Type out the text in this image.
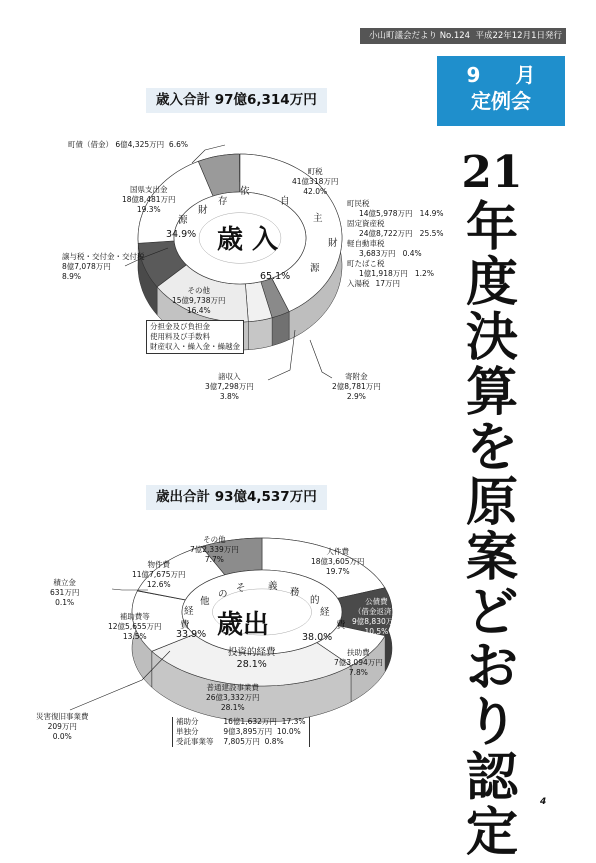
小山町議会だより No.124 平成22年12月1日発行
9 月
定例会
21
年
度
決
算
を
原
案
ど
お
り
認
定
歳入合計 97億6,314万円
歳 入
依
存
財
源
自
主
財
源
34.9%
65.1%
町債（借金） 6億4,325万円 6.6%
国県支出金
18億8,481万円
19.3%
譲与税・交付金・交付税
8億7,078万円
8.9%
その他
15億9,738万円
16.4%
分担金及び負担金
使用料及び手数料
財産収入・繰入金・繰越金
諸収入
3億7,298万円
3.8%
寄附金
2億8,781万円
2.9%
町税
41億318万円
42.0%
町民税
14億5,978万円   14.9%
固定資産税
24億8,722万円   25.5%
軽自動車税
3,683万円   0.4%
町たばこ税
1億1,918万円   1.2%
入湯税 17万円
歳出合計 93億4,537万円
歳出
そ
の
他
経
費
義
務
的
経
費
33.9%	38.0%
投資的経費
28.1%
その他
7億2,339万円
7.7%
物件費
11億7,675万円
12.6%
積立金
631万円
0.1%
補助費等
12億5,655万円
13.5%
災害復旧事業費
209万円
0.0%
人件費
18億3,605万円
19.7%
公債費
（借金返済）
9億8,830万円
10.5%
扶助費
7億3,094万円
7.8%
普通建設事業費
26億3,332万円
28.1%
補助分　　　 16億1,632万円  17.3%
単独分　　　 9億3,895万円  10.0%
受託事業等　 7,805万円  0.8%
4
